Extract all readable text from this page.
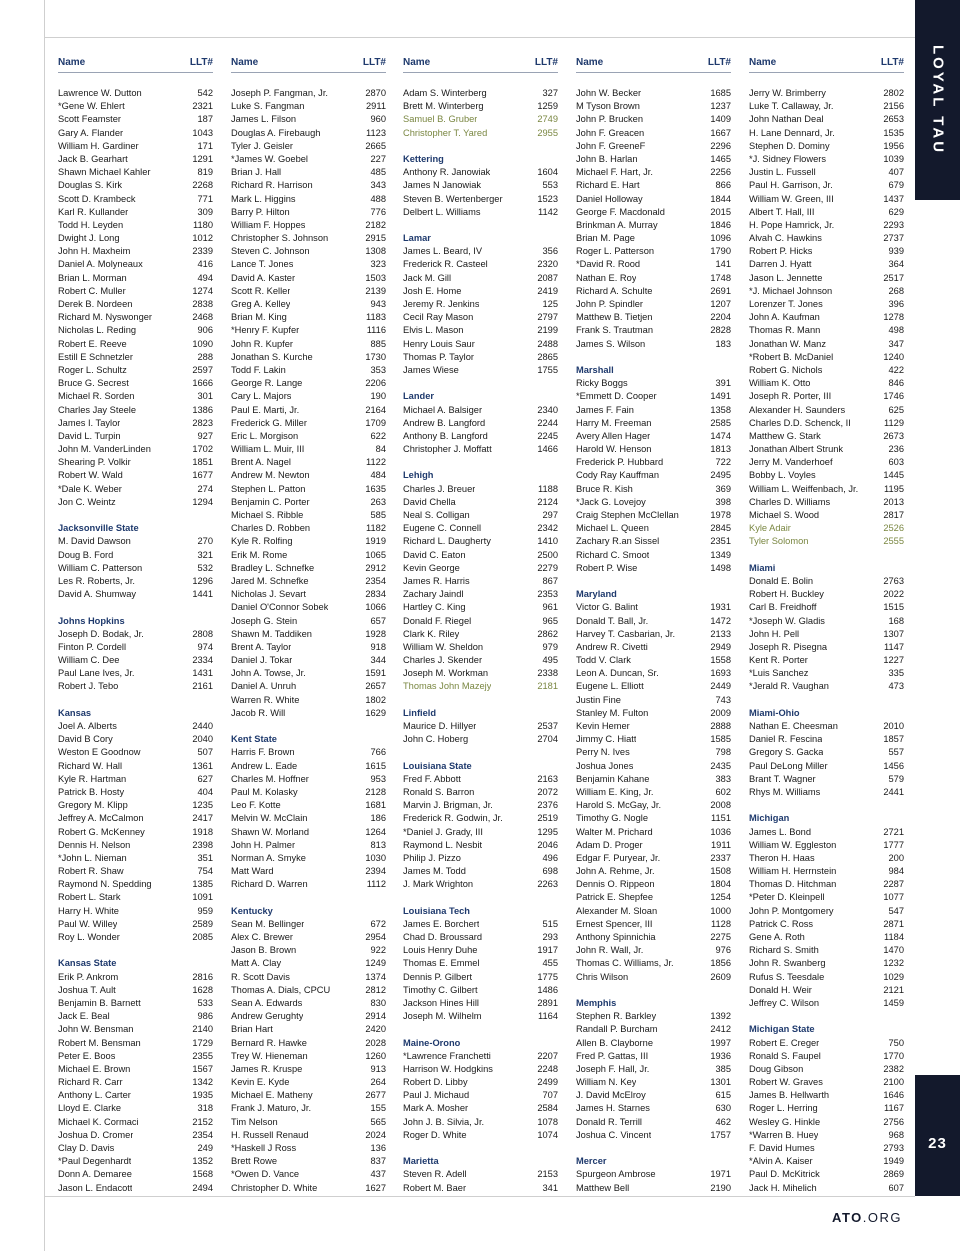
LOYAL TAU
23
ATO.ORG
Name	LLT#
Lawrence W. Dutton	542
*Gene W. Ehlert	2321
Scott Feamster	187
Gary A. Flander	1043
William H. Gardiner	171
Jack B. Gearhart	1291
Shawn Michael Kahler	819
Douglas S. Kirk	2268
Scott D. Krambeck	771
Karl R. Kullander	309
Todd H. Leyden	1180
Dwight J. Long	1012
John H. Maxheim	2339
Daniel A. Molyneaux	416
Brian L. Morman	494
Robert C. Muller	1274
Derek B. Nordeen	2838
Richard M. Nyswonger	2468
Nicholas L. Reding	906
Robert E. Reeve	1090
Estill E Schnetzler	288
Roger L. Schultz	2597
Bruce G. Secrest	1666
Michael R. Sorden	301
Charles Jay Steele	1386
James I. Taylor	2823
David L. Turpin	927
John M. VanderLinden	1702
Shearing P. Volkir	1851
Robert W. Wald	1677
*Dale K. Weber	274
Jon C. Weintz	1294
Jacksonville State
M. David Dawson	270
Doug B. Ford	321
William C. Patterson	532
Les R. Roberts, Jr.	1296
David A. Shumway	1441
Johns Hopkins
Joseph D. Bodak, Jr.	2808
Finton P. Cordell	974
William C. Dee	2334
Paul Lane Ives, Jr.	1431
Robert J. Tebo	2161
Kansas
Joel A. Alberts	2440
David B Cory	2040
Weston E Goodnow	507
Richard W. Hall	1361
Kyle R. Hartman	627
Patrick B. Hosty	404
Gregory M. Klipp	1235
Jeffrey A. McCalmon	2417
Robert G. McKenney	1918
Dennis H. Nelson	2398
*John L. Nieman	351
Robert R. Shaw	754
Raymond N. Spedding	1385
Robert L. Stark	1091
Harry H. White	959
Paul W. Willey	2589
Roy L. Wonder	2085
Kansas State
Erik P. Ankrom	2816
Joshua T. Ault	1628
Benjamin B. Barnett	533
Jack E. Beal	986
John W. Bensman	2140
Robert M. Bensman	1729
Peter E. Boos	2355
Michael E. Brown	1567
Richard R. Carr	1342
Anthony L. Carter	1935
Lloyd E. Clarke	318
Michael K. Cormaci	2152
Joshua D. Cromer	2354
Clay D. Davis	249
*Paul Degenhardt	1352
Donn A. Demaree	1568
Jason L. Endacott	2494
Name	LLT#
Joseph P. Fangman, Jr.	2870
Luke S. Fangman	2911
James L. Filson	960
Douglas A. Firebaugh	1123
Tyler J. Geisler	2665
*James W. Goebel	227
Brian J. Hall	485
Richard R. Harrison	343
Mark L. Higgins	488
Barry P. Hilton	776
William F. Hoppes	2182
Christopher S. Johnson	2915
Steven C. Johnson	1308
Lance T. Jones	323
David A. Kaster	1503
Scott R. Keller	2139
Greg A. Kelley	943
Brian M. King	1183
*Henry F. Kupfer	1116
John R. Kupfer	885
Jonathan S. Kurche	1730
Todd F. Lakin	353
George R. Lange	2206
Cary L. Majors	190
Paul E. Marti, Jr.	2164
Frederick G. Miller	1709
Eric L. Morgison	622
William L. Muir, III	84
Brent A. Nagel	1122
Andrew M. Newton	484
Stephen L. Patton	1635
Benjamin C. Porter	263
Michael S. Ribble	585
Charles D. Robben	1182
Kyle R. Rolfing	1919
Erik M. Rome	1065
Bradley L. Schnefke	2912
Jared M. Schnefke	2354
Nicholas J. Sevart	2834
Daniel O'Connor Sobek	1066
Joseph G. Stein	657
Shawn M. Taddiken	1928
Brent A. Taylor	918
Daniel J. Tokar	344
John A. Towse, Jr.	1591
Daniel A. Unruh	2657
Warren R. White	1802
Jacob R. Will	1629
Kent State
Harris F. Brown	766
Andrew L. Eade	1615
Charles M. Hoffner	953
Paul M. Kolasky	2128
Leo F. Kotte	1681
Melvin W. McClain	186
Shawn W. Morland	1264
John H. Palmer	813
Norman A. Smyke	1030
Matt Ward	2394
Richard D. Warren	1112
Kentucky
Sean M. Bellinger	672
Alex C. Brewer	2954
Jason B. Brown	922
Matt A. Clay	1249
R. Scott Davis	1374
Thomas A. Dials, CPCU	2812
Sean A. Edwards	830
Andrew Gerughty	2914
Brian Hart	2420
Bernard R. Hawke	2028
Trey W. Hieneman	1260
James R. Kruspe	913
Kevin E. Kyde	264
Michael E. Matheny	2677
Frank J. Maturo, Jr.	155
Tim Nelson	565
H. Russell Renaud	2024
*Haskell J Ross	136
Brett Rowe	837
*Owen D. Vance	437
Christopher D. White	1627
Name	LLT#
Adam S. Winterberg	327
Brett M. Winterberg	1259
Samuel B. Gruber	2749
Christopher T. Yared	2955
Kettering
Anthony R. Janowiak	1604
James N Janowiak	553
Steven B. Wertenberger	1523
Delbert L. Williams	1142
Lamar
James L. Beard, IV	356
Frederick R. Casteel	2320
Jack M. Gill	2087
Josh E. Home	2419
Jeremy R. Jenkins	125
Cecil Ray Mason	2797
Elvis L. Mason	2199
Henry Louis Saur	2488
Thomas P. Taylor	2865
James Wiese	1755
Lander
Michael A. Balsiger	2340
Andrew B. Langford	2244
Anthony B. Langford	2245
Christopher J. Moffatt	1466
Lehigh
Charles J. Breuer	1188
David Chella	2124
Neal S. Colligan	297
Eugene C. Connell	2342
Richard L. Daugherty	1410
David C. Eaton	2500
Kevin George	2279
James R. Harris	867
Zachary Jaindl	2353
Hartley C. King	961
Donald F. Riegel	965
Clark K. Riley	2862
William W. Sheldon	979
Charles J. Skender	495
Joseph M. Workman	2338
Thomas John Mazejy	2181
Linfield
Maurice D. Hillyer	2537
John C. Hoberg	2704
Louisiana State
Fred F. Abbott	2163
Ronald S. Barron	2072
Marvin J. Brigman, Jr.	2376
Frederick R. Godwin, Jr.	2519
*Daniel J. Grady, III	1295
Raymond L. Nesbit	2046
Philip J. Pizzo	496
James M. Todd	698
J. Mark Wrighton	2263
Louisiana Tech
James E. Borchert	515
Chad D. Broussard	293
Louis Henry Duhe	1917
Thomas E. Emmel	455
Dennis P. Gilbert	1775
Timothy C. Gilbert	1486
Jackson Hines Hill	2891
Joseph M. Wilhelm	1164
Maine-Orono
*Lawrence Franchetti	2207
Harrison W. Hodgkins	2248
Robert D. Libby	2499
Paul J. Michaud	707
Mark A. Mosher	2584
John J. B. Silvia, Jr.	1078
Roger D. White	1074
Marietta
Steven R. Adell	2153
Robert M. Baer	341
Name	LLT#
John W. Becker	1685
M Tyson Brown	1237
John P. Brucken	1409
John F. Greacen	1667
John F. GreeneF	2296
John B. Harlan	1465
Michael F. Hart, Jr.	2256
Richard E. Hart	866
Daniel Holloway	1844
George F. Macdonald	2015
Brinkman A. Murray	1846
Brian M. Page	1096
Roger L. Patterson	1790
*David R. Rood	141
Nathan E. Roy	1748
Richard A. Schulte	2691
John P. Spindler	1207
Matthew B. Tietjen	2204
Frank S. Trautman	2828
James S. Wilson	183
Marshall
Ricky Boggs	391
*Emmett D. Cooper	1491
James F. Fain	1358
Harry M. Freeman	2585
Avery Allen Hager	1474
Harold W. Henson	1813
Frederick P. Hubbard	722
Cody Ray Kauffman	2495
Bruce R. Kish	369
*Jack G. Lovejoy	398
Craig Stephen McClellan	1978
Michael L. Queen	2845
Zachary R.an Sissel	2351
Richard C. Smoot	1349
Robert P. Wise	1498
Maryland
Victor G. Balint	1931
Donald T. Ball, Jr.	1472
Harvey T. Casbarian, Jr.	2133
Andrew R. Civetti	2949
Todd V. Clark	1558
Leon A. Duncan, Sr.	1693
Eugene L. Elliott	2449
Justin Fine	743
Stanley M. Fulton	2009
Kevin Hemer	2888
Jimmy C. Hiatt	1585
Perry N. Ives	798
Joshua Jones	2435
Benjamin Kahane	383
William E. King, Jr.	602
Harold S. McGay, Jr.	2008
Timothy G. Nogle	1151
Walter M. Prichard	1036
Adam D. Proger	1911
Edgar F. Puryear, Jr.	2337
John A. Rehme, Jr.	1508
Dennis O. Rippeon	1804
Patrick E. Shepfee	1254
Alexander M. Sloan	1000
Ernest Spencer, III	1128
Anthony Spinnichia	2275
John R. Wall, Jr.	976
Thomas C. Williams, Jr.	1856
Chris Wilson	2609
Memphis
Stephen R. Barkley	1392
Randall P. Burcham	2412
Allen B. Clayborne	1997
Fred P. Gattas, III	1936
Joseph F. Hall, Jr.	385
William N. Key	1301
J. David McElroy	615
James H. Starnes	630
Donald R. Terrill	462
Joshua C. Vincent	1757
Mercer
Spurgeon Ambrose	1971
Matthew Bell	2190
Name	LLT#
Jerry W. Brimberry	2802
Luke T. Callaway, Jr.	2156
John Nathan Deal	2653
H. Lane Dennard, Jr.	1535
Stephen D. Dominy	1956
*J. Sidney Flowers	1039
Justin L. Fussell	407
Paul H. Garrison, Jr.	679
William W. Green, III	1437
Albert T. Hall, III	629
H. Pope Hamrick, Jr.	2293
Alvah C. Hawkins	2737
Robert P. Hicks	939
Darren J. Hyatt	364
Jason L. Jennette	2517
*J. Michael Johnson	268
Lorenzer T. Jones	396
John A. Kaufman	1278
Thomas R. Mann	498
Jonathan W. Manz	347
*Robert B. McDaniel	1240
Robert G. Nichols	422
William K. Otto	846
Joseph R. Porter, III	1746
Alexander H. Saunders	625
Charles D.D. Schenck, II	1129
Matthew G. Stark	2673
Jonathan Albert Strunk	236
Jerry M. Vanderhoef	603
Bobby L. Voyles	1445
William L. Weiffenbach, Jr.	1195
Charles D. Williams	2013
Michael S. Wood	2817
Kyle Adair	2526
Tyler Solomon	2555
Miami
Donald E. Bolin	2763
Robert H. Buckley	2022
Carl B. Freidhoff	1515
*Joseph W. Gladis	168
John H. Pell	1307
Joseph R. Pisegna	1147
Kent R. Porter	1227
*Luis Sanchez	335
*Jerald R. Vaughan	473
Miami-Ohio
Nathan E. Cheesman	2010
Daniel R. Fescina	1857
Gregory S. Gacka	557
Paul DeLong Miller	1456
Brant T. Wagner	579
Rhys M. Williams	2441
Michigan
James L. Bond	2721
William W. Eggleston	1777
Theron H. Haas	200
William H. Herrnstein	984
Thomas D. Hitchman	2287
*Peter D. Kleinpell	1077
John P. Montgomery	547
Patrick C. Ross	2871
Gene A. Roth	1184
Richard S. Smith	1470
John R. Swanberg	1232
Rufus S. Teesdale	1029
Donald H. Weir	2121
Jeffrey C. Wilson	1459
Michigan State
Robert E. Creger	750
Ronald S. Faupel	1770
Doug Gibson	2382
Robert W. Graves	2100
James B. Hellwarth	1646
Roger L. Herring	1167
Wesley G. Hinkle	2756
*Warren B. Huey	968
F. David Humes	2793
*Alvin A. Kaiser	1949
Paul D. McKitrick	2869
Jack H. Mihelich	607
